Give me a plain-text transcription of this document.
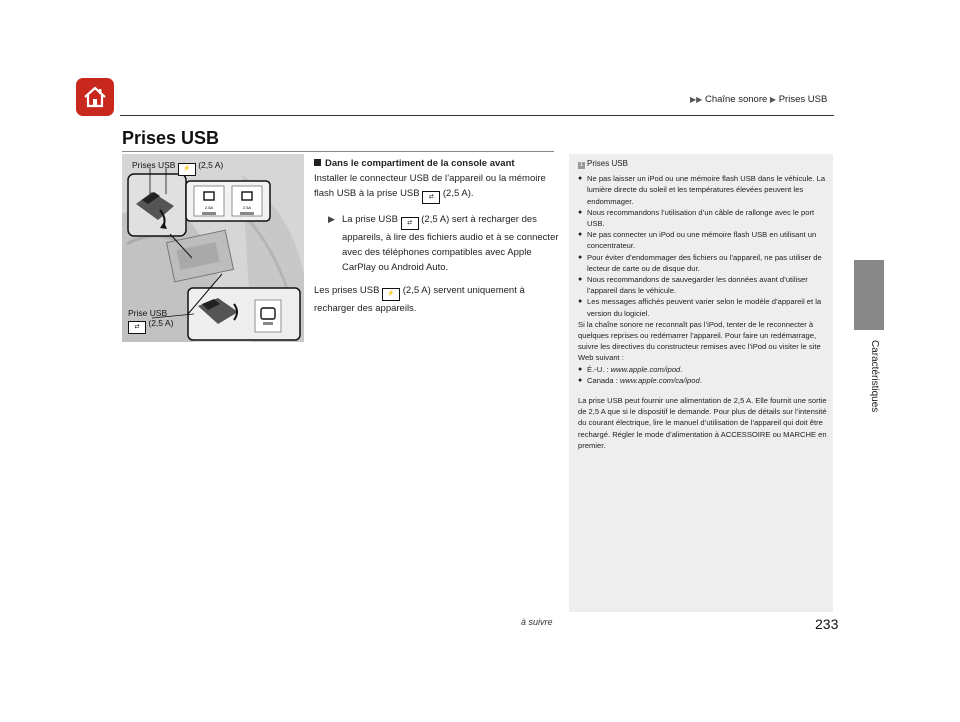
▶▶ Chaîne sonore ▶ Prises USB
Caractéristiques
Prises USB
2.5A	2.5A
Prises USB ⚡ (2,5 A)
Prise USB
⇄ (2,5 A)
Dans le compartiment de la console avant

Installer le connecteur USB de l’appareil ou la mémoire flash USB à la prise USB ⇄ (2,5 A).

▶ La prise USB ⇄ (2,5 A) sert à recharger des appareils, à lire des fichiers audio et à se connecter avec des téléphones compatibles avec Apple CarPlay ou Android Auto.

Les prises USB ⚡ (2,5 A) servent uniquement à recharger des appareils.

1 Prises USB
● Ne pas laisser un iPod ou une mémoire flash USB dans le véhicule. La lumière directe du soleil et les températures élevées peuvent les endommager.
● Nous recommandons l’utilisation d’un câble de rallonge avec le port USB.
● Ne pas connecter un iPod ou une mémoire flash USB en utilisant un concentrateur.
● Pour éviter d’endommager des fichiers ou l’appareil, ne pas utiliser de lecteur de carte ou de disque dur.
● Nous recommandons de sauvegarder les données avant d’utiliser l’appareil dans le véhicule.
● Les messages affichés peuvent varier selon le modèle d’appareil et la version du logiciel.

Si la chaîne sonore ne reconnaît pas l’iPod, tenter de le reconnecter à quelques reprises ou redémarrer l’appareil. Pour faire un redémarrage, suivre les directives du constructeur remises avec l’iPod ou visiter le site Web suivant :

● É.-U. : www.apple.com/ipod.
● Canada : www.apple.com/ca/ipod.

La prise USB peut fournir une alimentation de 2,5 A. Elle fournit une sortie de 2,5 A que si le dispositif le demande. Pour plus de détails sur l’intensité du courant électrique, lire le manuel d’utilisation de l’appareil qui doit être rechargé. Régler le mode d’alimentation à ACCESSOIRE ou MARCHE en premier.

à suivre	233
